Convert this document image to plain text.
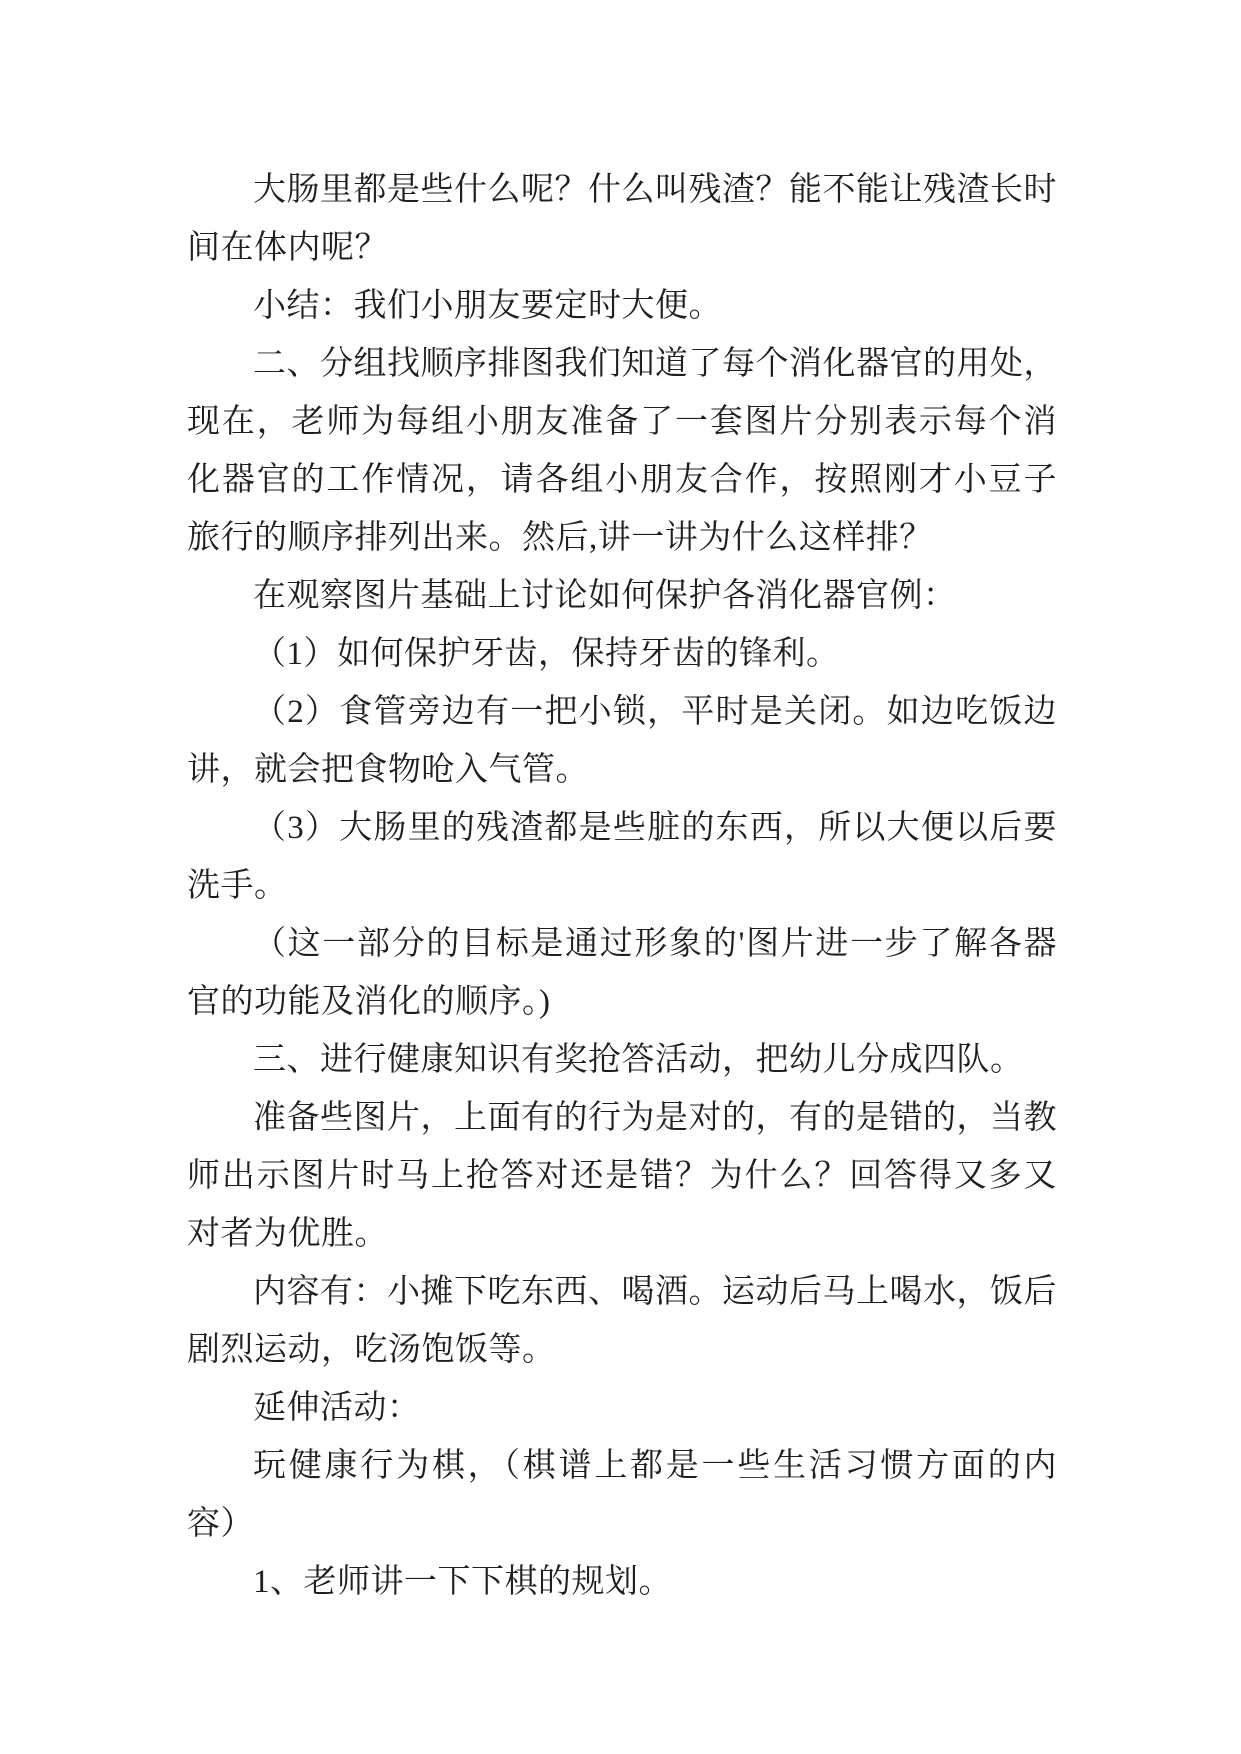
大肠里都是些什么呢？什么叫残渣？能不能让残渣长时间在体内呢？

小结：我们小朋友要定时大便。

二、分组找顺序排图我们知道了每个消化器官的用处，现在，老师为每组小朋友准备了一套图片分别表示每个消化器官的工作情况，请各组小朋友合作，按照刚才小豆子旅行的顺序排列出来。然后,讲一讲为什么这样排？

在观察图片基础上讨论如何保护各消化器官例：

（1）如何保护牙齿，保持牙齿的锋利。

（2）食管旁边有一把小锁，平时是关闭。如边吃饭边讲，就会把食物呛入气管。

（3）大肠里的残渣都是些脏的东西，所以大便以后要洗手。

（这一部分的目标是通过形象的'图片进一步了解各器官的功能及消化的顺序。)

三、进行健康知识有奖抢答活动，把幼儿分成四队。

准备些图片，上面有的行为是对的，有的是错的，当教师出示图片时马上抢答对还是错？为什么？回答得又多又对者为优胜。

内容有：小摊下吃东西、喝酒。运动后马上喝水，饭后剧烈运动，吃汤饱饭等。

延伸活动：

玩健康行为棋，（棋谱上都是一些生活习惯方面的内容）

1、老师讲一下下棋的规划。
